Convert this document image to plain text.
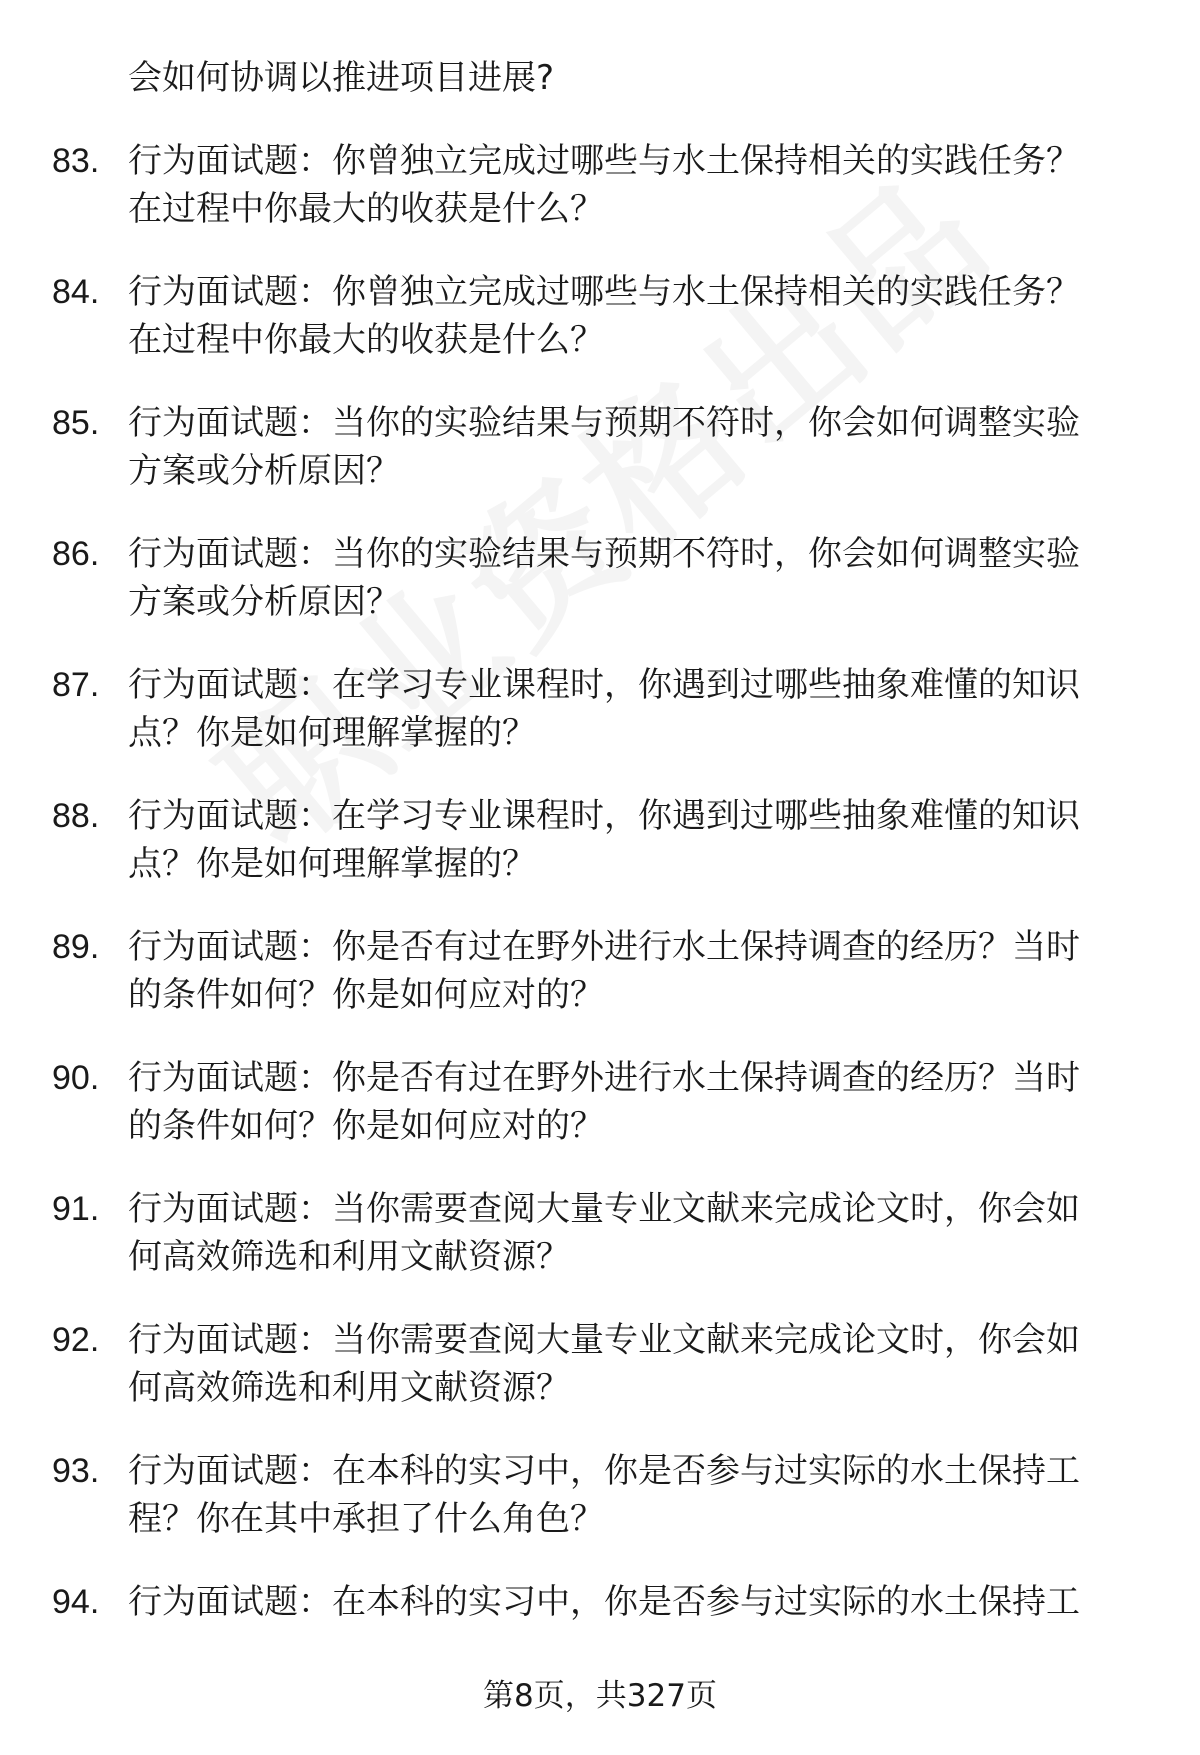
会如何协调以推进项目进展?
83. 行为面试题：你曾独立完成过哪些与水土保持相关的实践任务？
在过程中你最大的收获是什么？
84. 行为面试题：你曾独立完成过哪些与水土保持相关的实践任务？
在过程中你最大的收获是什么？
85. 行为面试题：当你的实验结果与预期不符时，你会如何调整实验
方案或分析原因？
86. 行为面试题：当你的实验结果与预期不符时，你会如何调整实验
方案或分析原因？
87. 行为面试题：在学习专业课程时，你遇到过哪些抽象难懂的知识
点？你是如何理解掌握的？
88. 行为面试题：在学习专业课程时，你遇到过哪些抽象难懂的知识
点？你是如何理解掌握的？
89. 行为面试题：你是否有过在野外进行水土保持调查的经历？当时
的条件如何？你是如何应对的？
90. 行为面试题：你是否有过在野外进行水土保持调查的经历？当时
的条件如何？你是如何应对的？
91. 行为面试题：当你需要查阅大量专业文献来完成论文时，你会如
何高效筛选和利用文献资源？
92. 行为面试题：当你需要查阅大量专业文献来完成论文时，你会如
何高效筛选和利用文献资源？
93. 行为面试题：在本科的实习中，你是否参与过实际的水土保持工
程？你在其中承担了什么角色？
94. 行为面试题：在本科的实习中，你是否参与过实际的水土保持工
第8页，共327页
